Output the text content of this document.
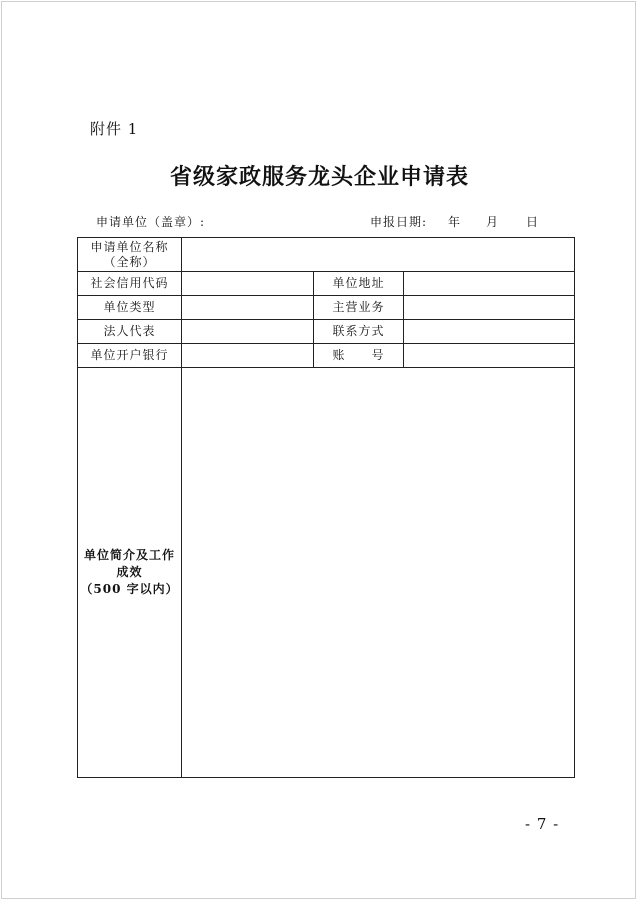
附件 1
省级家政服务龙头企业申请表
申请单位（盖章）:	申报日期: 年 月 日
申请单位名称
（全称）			

社会信用代码		单位地址	
单位类型		主营业务	
法人代表		联系方式	
单位开户银行		账　　号	

单位简介及工作
成效
（500 字以内）			

- 7 -
